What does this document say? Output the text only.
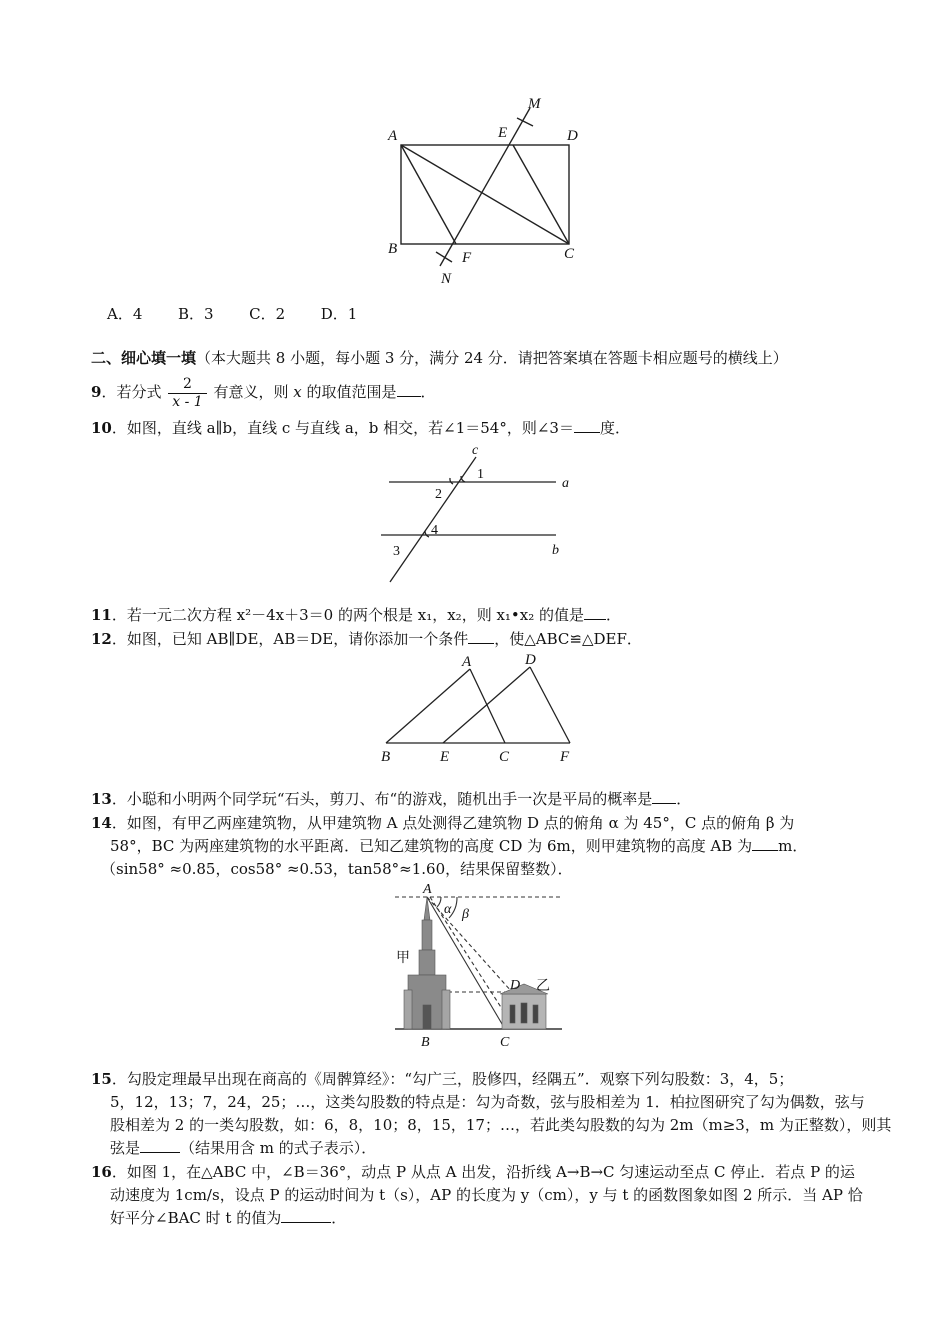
A	E	D
M
B
F	C
N
A．4 B．3 C．2 D．1
二、细心填一填（本大题共 8 小题，每小题 3 分，满分 24 分．请把答案填在答题卡相应题号的横线上）
9．若分式 $\frac{2}{x - 1}$ 有意义，则 x 的取值范围是 ．
10．如图，直线 a∥b，直线 c 与直线 a，b 相交，若∠1＝54°，则∠3＝ 度．
c
1
2
a
4
3	b
11．若一元二次方程 x²－4x＋3＝0 的两个根是 x₁，x₂，则 x₁•x₂ 的值是 ．
12．如图，已知 AB∥DE，AB＝DE，请你添加一个条件 ，使△ABC≌△DEF．
A	D
B	E	C	F
13．小聪和小明两个同学玩“石头，剪刀、布“的游戏，随机出手一次是平局的概率是 ．
14．如图，有甲乙两座建筑物，从甲建筑物 A 点处测得乙建筑物 D 点的俯角 α 为 45°，C 点的俯角 β 为
58°，BC 为两座建筑物的水平距离．已知乙建筑物的高度 CD 为 6m，则甲建筑物的高度 AB 为 m．
（sin58° ≈0.85，cos58° ≈0.53，tan58°≈1.60，结果保留整数）．
A
α β
甲
D 乙
B	C
15．勾股定理最早出现在商高的《周髀算经》：“勾广三，股修四，经隅五”．观察下列勾股数：3，4，5；
5，12，13；7，24，25；…，这类勾股数的特点是：勾为奇数，弦与股相差为 1．柏拉图研究了勾为偶数，弦与
股相差为 2 的一类勾股数，如：6，8，10；8，15，17；…，若此类勾股数的勾为 2m（m≥3，m 为正整数），则其
弦是	（结果用含 m 的式子表示）．
16．如图 1，在△ABC 中，∠B＝36°，动点 P 从点 A 出发，沿折线 A→B→C 匀速运动至点 C 停止．若点 P 的运
动速度为 1cm/s，设点 P 的运动时间为 t（s），AP 的长度为 y（cm），y 与 t 的函数图象如图 2 所示．当 AP 恰
好平分∠BAC 时 t 的值为	．
